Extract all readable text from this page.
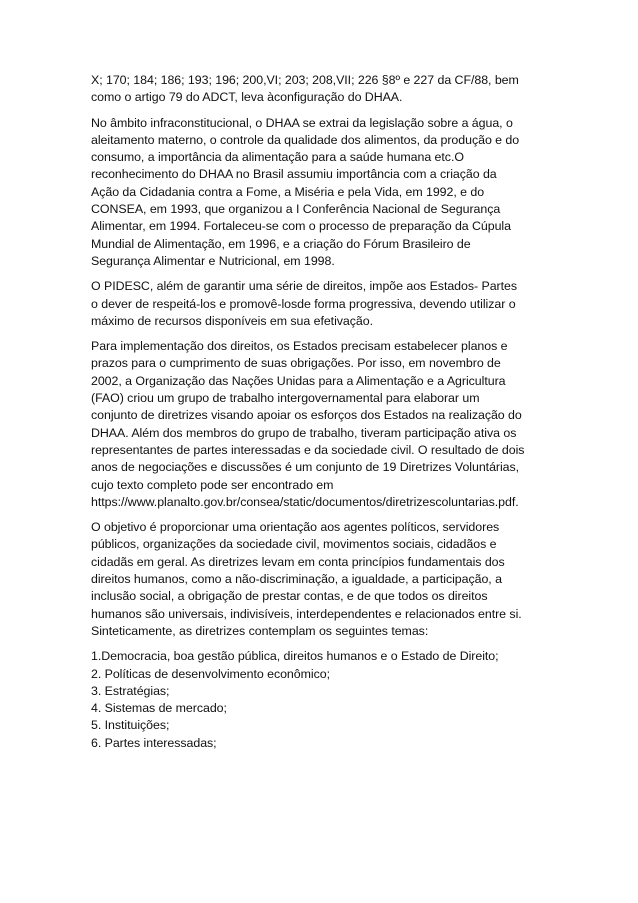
X; 170; 184; 186; 193; 196; 200,VI; 203; 208,VII; 226 §8º e 227 da CF/88, bem
como o artigo 79 do ADCT, leva àconfiguração do DHAA.

No âmbito infraconstitucional, o DHAA se extrai da legislação sobre a água, o
aleitamento materno, o controle da qualidade dos alimentos, da produção e do
consumo, a importância da alimentação para a saúde humana etc.O
reconhecimento do DHAA no Brasil assumiu importância com a criação da
Ação da Cidadania contra a Fome, a Miséria e pela Vida, em 1992, e do
CONSEA, em 1993, que organizou a I Conferência Nacional de Segurança
Alimentar, em 1994. Fortaleceu-se com o processo de preparação da Cúpula
Mundial de Alimentação, em 1996, e a criação do Fórum Brasileiro de
Segurança Alimentar e Nutricional, em 1998.

O PIDESC, além de garantir uma série de direitos, impõe aos Estados- Partes
o dever de respeitá-los e promovê-losde forma progressiva, devendo utilizar o
máximo de recursos disponíveis em sua efetivação.

Para implementação dos direitos, os Estados precisam estabelecer planos e
prazos para o cumprimento de suas obrigações. Por isso, em novembro de
2002, a Organização das Nações Unidas para a Alimentação e a Agricultura
(FAO) criou um grupo de trabalho intergovernamental para elaborar um
conjunto de diretrizes visando apoiar os esforços dos Estados na realização do
DHAA. Além dos membros do grupo de trabalho, tiveram participação ativa os
representantes de partes interessadas e da sociedade civil. O resultado de dois
anos de negociações e discussões é um conjunto de 19 Diretrizes Voluntárias,
cujo texto completo pode ser encontrado em
https://www.planalto.gov.br/consea/static/documentos/diretrizescoluntarias.pdf.

O objetivo é proporcionar uma orientação aos agentes políticos, servidores
públicos, organizações da sociedade civil, movimentos sociais, cidadãos e
cidadãs em geral. As diretrizes levam em conta princípios fundamentais dos
direitos humanos, como a não-discriminação, a igualdade, a participação, a
inclusão social, a obrigação de prestar contas, e de que todos os direitos
humanos são universais, indivisíveis, interdependentes e relacionados entre si.
Sinteticamente, as diretrizes contemplam os seguintes temas:

1.Democracia, boa gestão pública, direitos humanos e o Estado de Direito;

2. Políticas de desenvolvimento econômico;

3. Estratégias;

4. Sistemas de mercado;

5. Instituições;

6. Partes interessadas;
